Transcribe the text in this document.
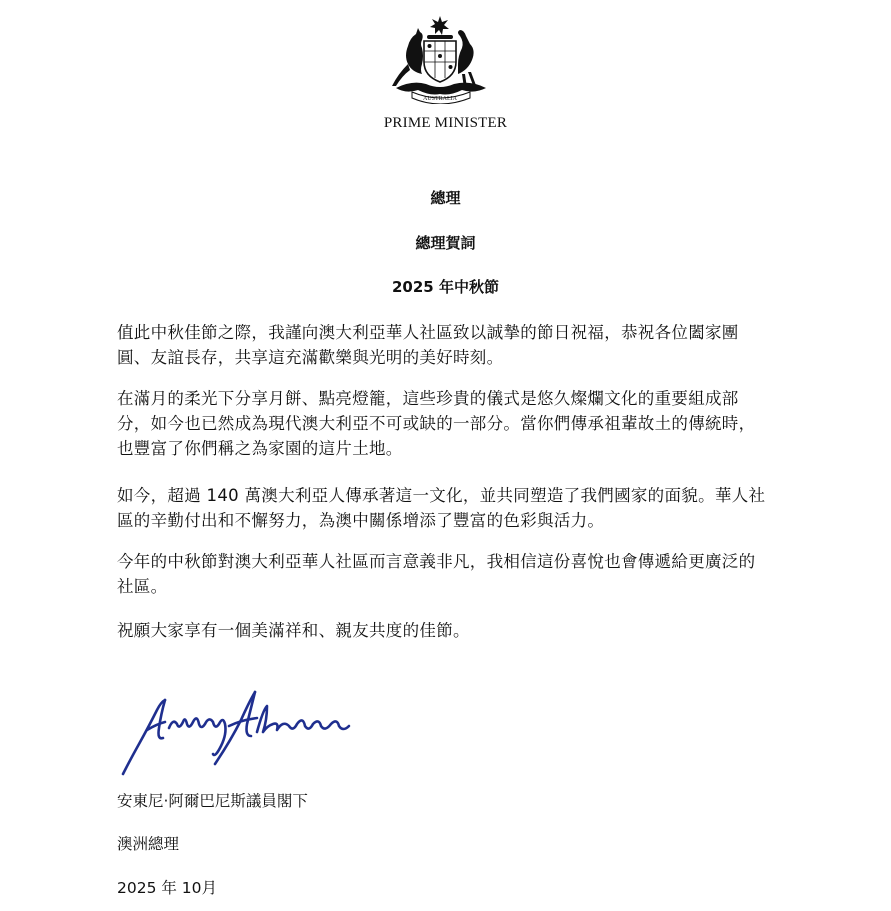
AUSTRALIA
PRIME MINISTER
總理
總理賀詞
2025 年中秋節

值此中秋佳節之際，我謹向澳大利亞華人社區致以誠摯的節日祝福，恭祝各位闔家團圓、友誼長存，共享這充滿歡樂與光明的美好時刻。

在滿月的柔光下分享月餅、點亮燈籠，這些珍貴的儀式是悠久燦爛文化的重要組成部分，如今也已然成為現代澳大利亞不可或缺的一部分。當你們傳承祖輩故土的傳統時，也豐富了你們稱之為家園的這片土地。

如今，超過 140 萬澳大利亞人傳承著這一文化，並共同塑造了我們國家的面貌。華人社區的辛勤付出和不懈努力，為澳中關係增添了豐富的色彩與活力。

今年的中秋節對澳大利亞華人社區而言意義非凡，我相信這份喜悅也會傳遞給更廣泛的社區。

祝願大家享有一個美滿祥和、親友共度的佳節。

安東尼·阿爾巴尼斯議員閣下
澳洲總理
2025 年 10月
